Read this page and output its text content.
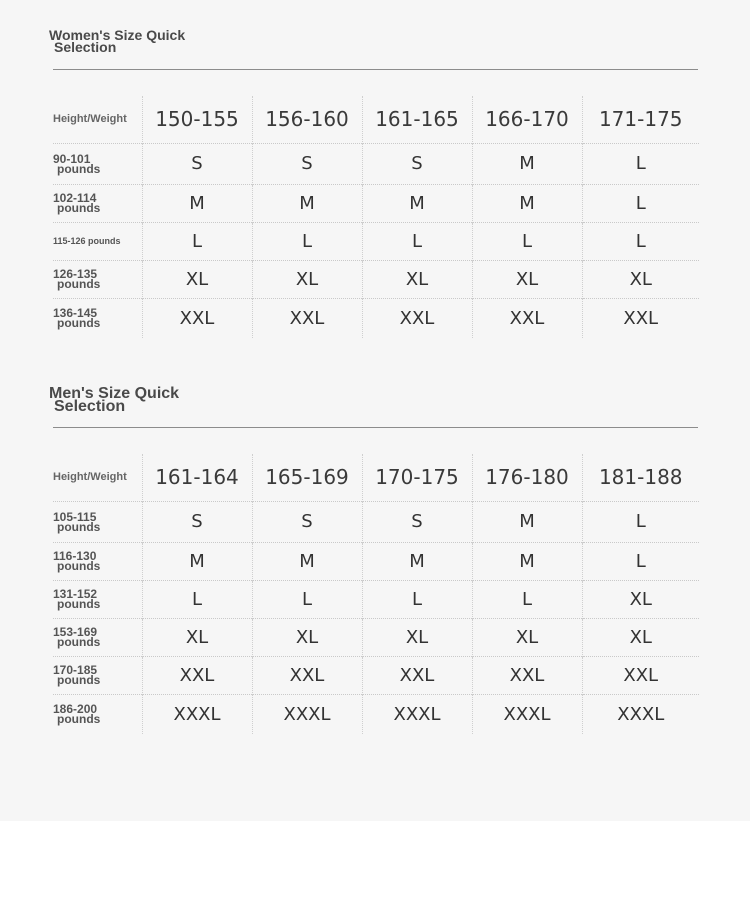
Women's Size Quick
Selection
Height/Weight	150-155	156-160	161-165	166-170	171-175

90-101
pounds	S	S	S	M	L

102-114
pounds	M	M	M	M	L

115-126 pounds	L	L	L	L	L

126-135
pounds	XL	XL	XL	XL	XL

136-145
pounds	XXL	XXL	XXL	XXL	XXL
Men's Size Quick
Selection
Height/Weight	161-164	165-169	170-175	176-180	181-188

105-115
pounds	S	S	S	M	L

116-130
pounds	M	M	M	M	L

131-152
pounds	L	L	L	L	XL

153-169
pounds	XL	XL	XL	XL	XL

170-185
pounds	XXL	XXL	XXL	XXL	XXL

186-200
pounds	XXXL	XXXL	XXXL	XXXL	XXXL
